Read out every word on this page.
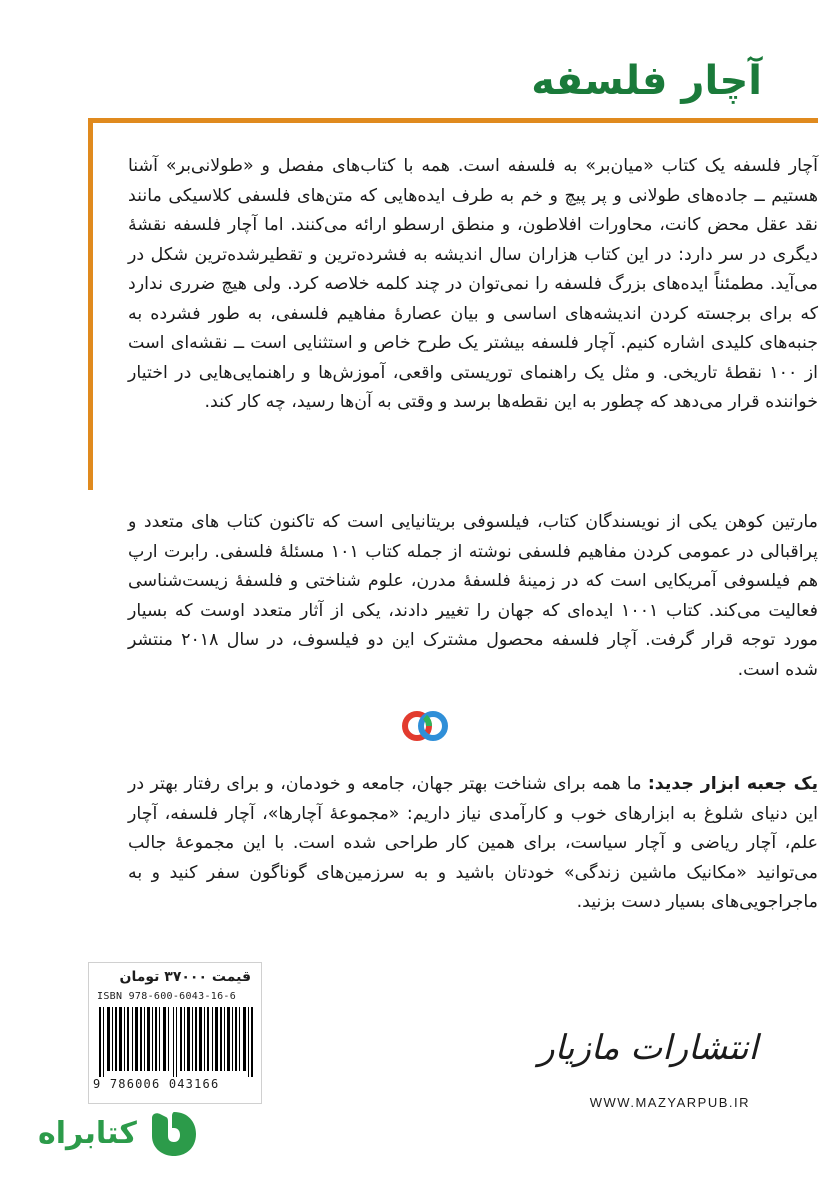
آچار فلسفه

آچار فلسفه یک کتاب «میان‌بر» به فلسفه است. همه با کتاب‌های مفصل و «طولانی‌بر» آشنا هستیم ــ جاده‌های طولانی و پر پیچ و خم به طرف ایده‌هایی که متن‌های فلسفی کلاسیکی مانند نقد عقل محض کانت، محاورات افلاطون، و منطق ارسطو ارائه می‌کنند. اما آچار فلسفه نقشهٔ دیگری در سر دارد: در این کتاب هزاران سال اندیشه به فشرده‌ترین و تقطیرشده‌ترین شکل در می‌آید. مطمئناً ایده‌های بزرگ فلسفه را نمی‌توان در چند کلمه خلاصه کرد. ولی هیچ ضرری ندارد که برای برجسته کردن اندیشه‌های اساسی و بیان عصارهٔ مفاهیم فلسفی، به طور فشرده به جنبه‌های کلیدی اشاره کنیم. آچار فلسفه بیشتر یک طرح خاص و استثنایی است ــ نقشه‌ای است از ۱۰۰ نقطهٔ تاریخی. و مثل یک راهنمای توریستی واقعی، آموزش‌ها و راهنمایی‌هایی در اختیار خواننده قرار می‌دهد که چطور به این نقطه‌ها برسد و وقتی به آن‌ها رسید، چه کار کند.

مارتین کوهن یکی از نویسندگان کتاب، فیلسوفی بریتانیایی است که تاکنون کتاب های متعدد و پراقبالی در عمومی کردن مفاهیم فلسفی نوشته از جمله کتاب ۱۰۱ مسئلهٔ فلسفی. رابرت ارپ هم فیلسوفی آمریکایی است که در زمینهٔ فلسفهٔ مدرن، علوم شناختی و فلسفهٔ زیست‌شناسی فعالیت می‌کند. کتاب ۱۰۰۱ ایده‌ای که جهان را تغییر دادند، یکی از آثار متعدد اوست که بسیار مورد توجه قرار گرفت. آچار فلسفه محصول مشترک این دو فیلسوف، در سال ۲۰۱۸ منتشر شده است.

یک جعبه ابزار جدید: ما همه برای شناخت بهتر جهان، جامعه و خودمان، و برای رفتار بهتر در این دنیای شلوغ به ابزارهای خوب و کارآمدی نیاز داریم: «مجموعهٔ آچارها»، آچار فلسفه، آچار علم، آچار ریاضی و آچار سیاست، برای همین کار طراحی شده است. با این مجموعهٔ جالب می‌توانید «مکانیک ماشین زندگی» خودتان باشید و به سرزمین‌های گوناگون سفر کنید و به ماجراجویی‌های بسیار دست بزنید.

قیمت ۳۷۰۰۰ تومان
ISBN 978-600-6043-16-6
9 786006 043166
انتشارات مازیار
WWW.MAZYARPUB.IR
کتابراه
